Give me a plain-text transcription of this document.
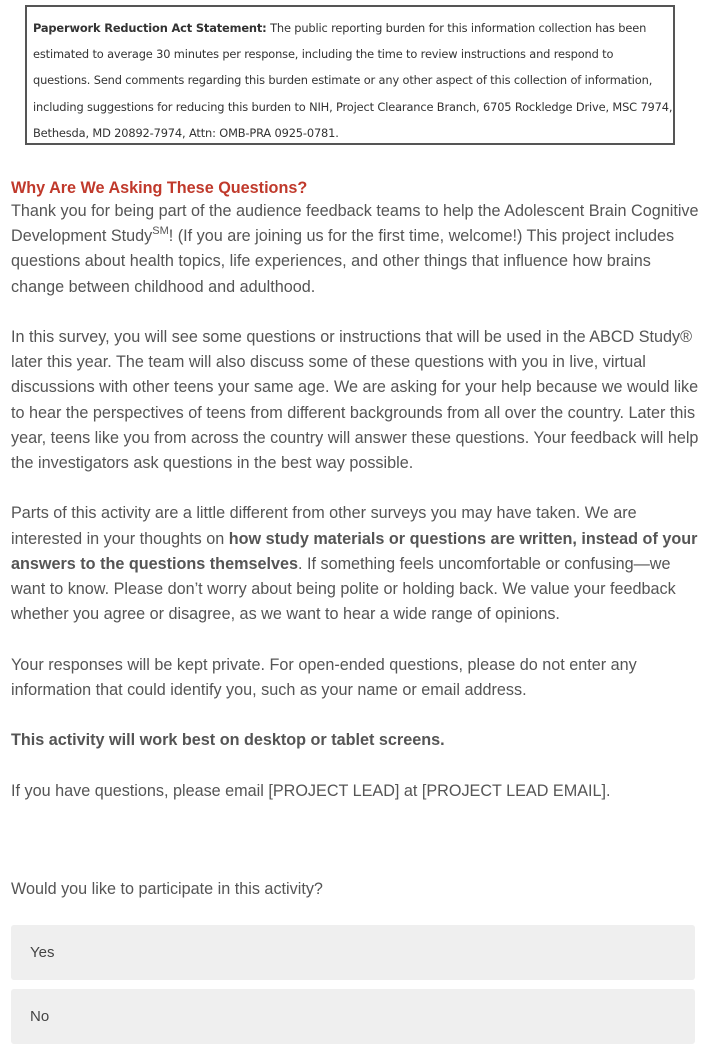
Paperwork Reduction Act Statement: The public reporting burden for this information collection has been estimated to average 30 minutes per response, including the time to review instructions and respond to questions. Send comments regarding this burden estimate or any other aspect of this collection of information, including suggestions for reducing this burden to NIH, Project Clearance Branch, 6705 Rockledge Drive, MSC 7974, Bethesda, MD 20892-7974, Attn: OMB-PRA 0925-0781.
Why Are We Asking These Questions?

Thank you for being part of the audience feedback teams to help the Adolescent Brain Cognitive Development Study℠! (If you are joining us for the first time, welcome!) This project includes questions about health topics, life experiences, and other things that influence how brains change between childhood and adulthood.

In this survey, you will see some questions or instructions that will be used in the ABCD Study® later this year. The team will also discuss some of these questions with you in live, virtual discussions with other teens your same age. We are asking for your help because we would like to hear the perspectives of teens from different backgrounds from all over the country. Later this year, teens like you from across the country will answer these questions. Your feedback will help the investigators ask questions in the best way possible.

Parts of this activity are a little different from other surveys you may have taken. We are interested in your thoughts on how study materials or questions are written, instead of your answers to the questions themselves. If something feels uncomfortable or confusing—we want to know. Please don’t worry about being polite or holding back. We value your feedback whether you agree or disagree, as we want to hear a wide range of opinions.

Your responses will be kept private. For open-ended questions, please do not enter any information that could identify you, such as your name or email address.

This activity will work best on desktop or tablet screens.

If you have questions, please email [PROJECT LEAD] at [PROJECT LEAD EMAIL].

Would you like to participate in this activity?
Yes
No
